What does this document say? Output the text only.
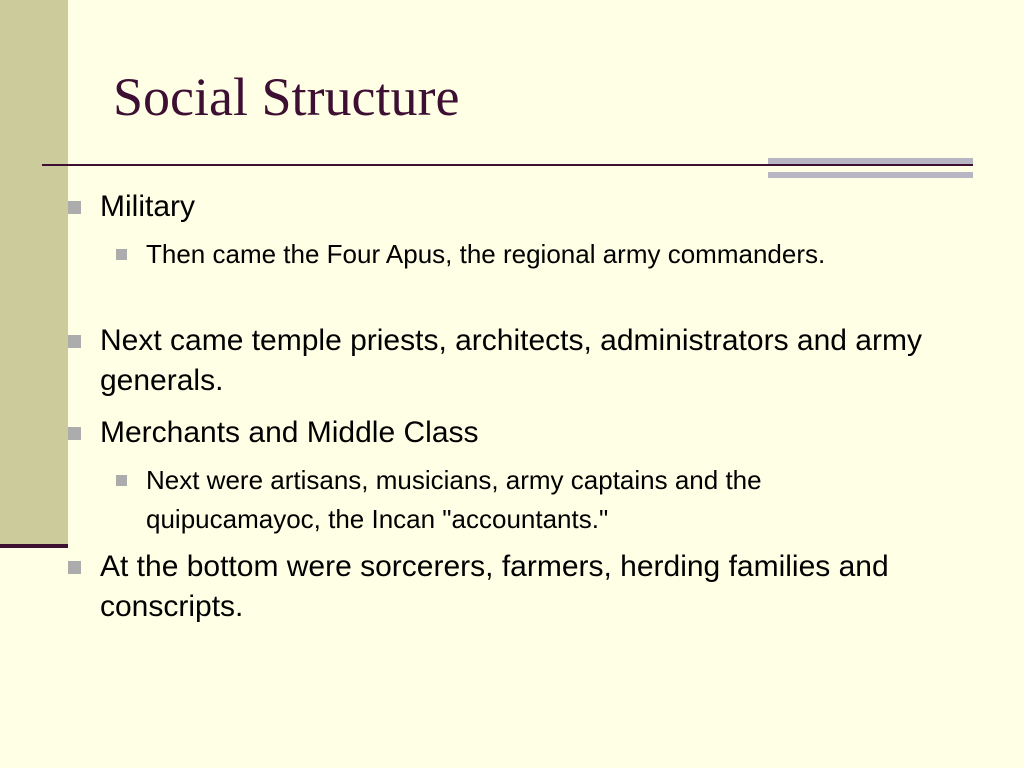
Social Structure
Military
Then came the Four Apus, the regional army commanders.
Next came temple priests, architects, administrators and army generals.
Merchants and Middle Class
Next were artisans, musicians, army captains and the quipucamayoc, the Incan "accountants."
At the bottom were sorcerers, farmers, herding families and conscripts.
